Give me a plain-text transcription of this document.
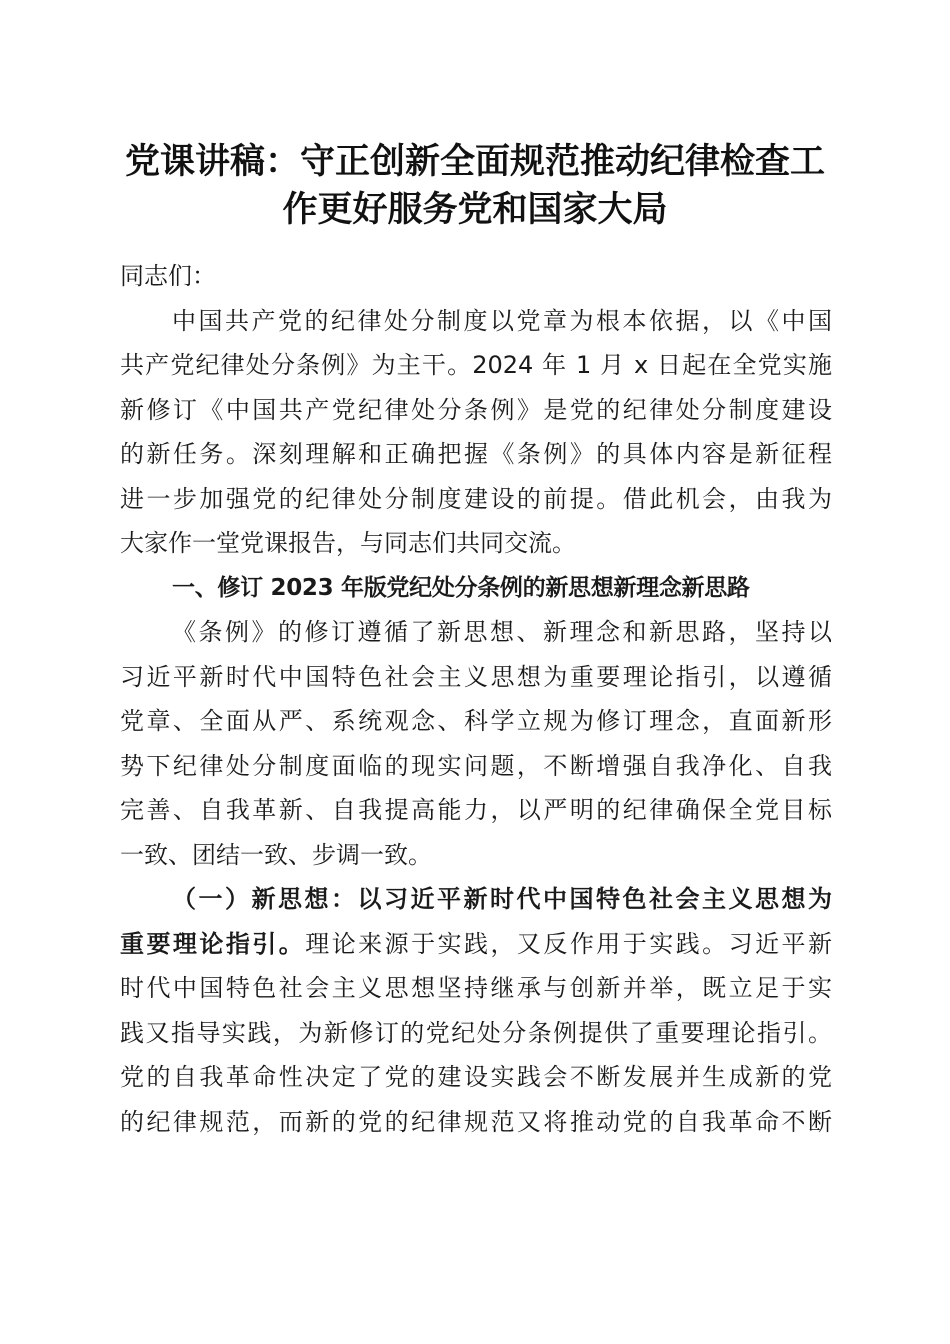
党课讲稿：守正创新全面规范推动纪律检查工
作更好服务党和国家大局
同志们：
中国共产党的纪律处分制度以党章为根本依据，以《中国
共产党纪律处分条例》为主干。2024 年 1 月 x 日起在全党实施
新修订《中国共产党纪律处分条例》是党的纪律处分制度建设
的新任务。深刻理解和正确把握《条例》的具体内容是新征程
进一步加强党的纪律处分制度建设的前提。借此机会，由我为
大家作一堂党课报告，与同志们共同交流。
一、修订 2023 年版党纪处分条例的新思想新理念新思路
《条例》的修订遵循了新思想、新理念和新思路，坚持以
习近平新时代中国特色社会主义思想为重要理论指引，以遵循
党章、全面从严、系统观念、科学立规为修订理念，直面新形
势下纪律处分制度面临的现实问题，不断增强自我净化、自我
完善、自我革新、自我提高能力，以严明的纪律确保全党目标
一致、团结一致、步调一致。
（一）新思想：以习近平新时代中国特色社会主义思想为
重要理论指引。理论来源于实践，又反作用于实践。习近平新
时代中国特色社会主义思想坚持继承与创新并举，既立足于实
践又指导实践，为新修订的党纪处分条例提供了重要理论指引。
党的自我革命性决定了党的建设实践会不断发展并生成新的党
的纪律规范，而新的党的纪律规范又将推动党的自我革命不断
